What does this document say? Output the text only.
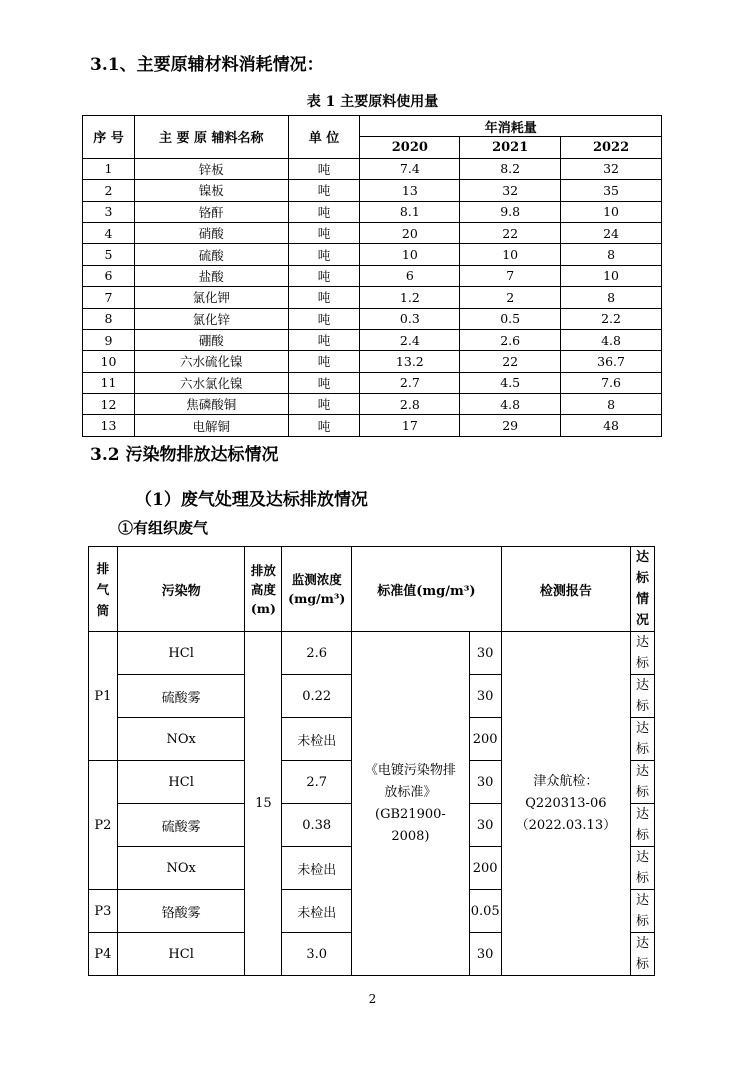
3.1、主要原辅材料消耗情况：
表 1 主要原料使用量
序 号	主 要 原 辅料名称	单 位	年消耗量		
			2020	2021	2022
1	锌板	吨	7.4	8.2	32
2	镍板	吨	13	32	35
3	铬酐	吨	8.1	9.8	10
4	硝酸	吨	20	22	24
5	硫酸	吨	10	10	8
6	盐酸	吨	6	7	10
7	氯化钾	吨	1.2	2	8
8	氯化锌	吨	0.3	0.5	2.2
9	硼酸	吨	2.4	2.6	4.8
10	六水硫化镍	吨	13.2	22	36.7
11	六水氯化镍	吨	2.7	4.5	7.6
12	焦磷酸铜	吨	2.8	4.8	8
13	电解铜	吨	17	29	48
3.2 污染物排放达标情况
（1）废气处理及达标排放情况
①有组织废气
排气筒	污染物	排放高度(m)	监测浓度(mg/m³)	标准值(mg/m³)		检测报告	达标情况
P1	HCl	15	2.6	《电镀污染物排放标准》(GB21900-2008)	30	津众航检：Q220313-06（2022.03.13）	达标
	硫酸雾		0.22		30		达标
	NOx		未检出		200		达标
P2	HCl		2.7		30		达标
	硫酸雾		0.38		30		达标
	NOx		未检出		200		达标
P3	铬酸雾		未检出		0.05		达标
P4	HCl		3.0		30		达标
2
